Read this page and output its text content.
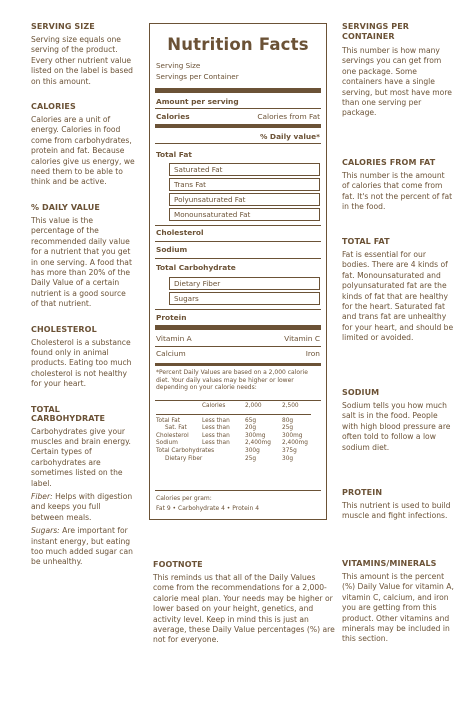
SERVING SIZE

Serving size equals one serving of the product. Every other nutrient value listed on the label is based on this amount.

CALORIES

Calories are a unit of energy. Calories in food come from carbohydrates, protein and fat. Because calories give us energy, we need them to be able to think and be active.

% DAILY VALUE

This value is the percentage of the recommended daily value for a nutrient that you get in one serving. A food that has more than 20% of the Daily Value of a certain nutrient is a good source of that nutrient.

CHOLESTEROL

Cholesterol is a substance found only in animal products. Eating too much cholesterol is not healthy for your heart.

TOTAL CARBOHYDRATE

Carbohydrates give your muscles and brain energy. Certain types of carbohydrates are sometimes listed on the label.

Fiber: Helps with digestion and keeps you full between meals.

Sugars: Are important for instant energy, but eating too much added sugar can be unhealthy.

Nutrition Facts
Serving Size
Servings per Container
Amount per serving
Calories	Calories from Fat
% Daily value*
Total Fat
Saturated Fat
Trans Fat
Polyunsaturated Fat
Monounsaturated Fat
Cholesterol
Sodium
Total Carbohydrate
Dietary Fiber
Sugars
Protein
Vitamin A	Vitamin C
Calcium	Iron
*Percent Daily Values are based on a 2,000 calorie diet. Your daily values may be higher or lower depending on your calorie needs:
		Calories	2,000	2,500

Total Fat		Less than	65g	80g
Sat. Fat		Less than	20g	25g
Cholesterol		Less than	300mg	300mg
Sodium		Less than	2,400mg	2,400mg
Total Carbohydrates			300g	375g
Dietary Fiber			25g	30g
Calories per gram:
Fat 9 • Carbohydrate 4 • Protein 4

FOOTNOTE

This reminds us that all of the Daily Values come from the recommendations for a 2,000-calorie meal plan. Your needs may be higher or lower based on your height, genetics, and activity level. Keep in mind this is just an average, these Daily Value percentages (%) are not for everyone.

SERVINGS PER CONTAINER

This number is how many servings you can get from one package. Some containers have a single serving, but most have more than one serving per package.

CALORIES FROM FAT

This number is the amount of calories that come from fat. It's not the percent of fat in the food.

TOTAL FAT

Fat is essential for our bodies. There are 4 kinds of fat. Monounsaturated and polyunsaturated fat are the kinds of fat that are healthy for the heart. Saturated fat and trans fat are unhealthy for your heart, and should be limited or avoided.

SODIUM

Sodium tells you how much salt is in the food. People with high blood pressure are often told to follow a low sodium diet.

PROTEIN

This nutrient is used to build muscle and fight infections.

VITAMINS/MINERALS

This amount is the percent (%) Daily Value for vitamin A, vitamin C, calcium, and iron you are getting from this product. Other vitamins and minerals may be included in this section.
